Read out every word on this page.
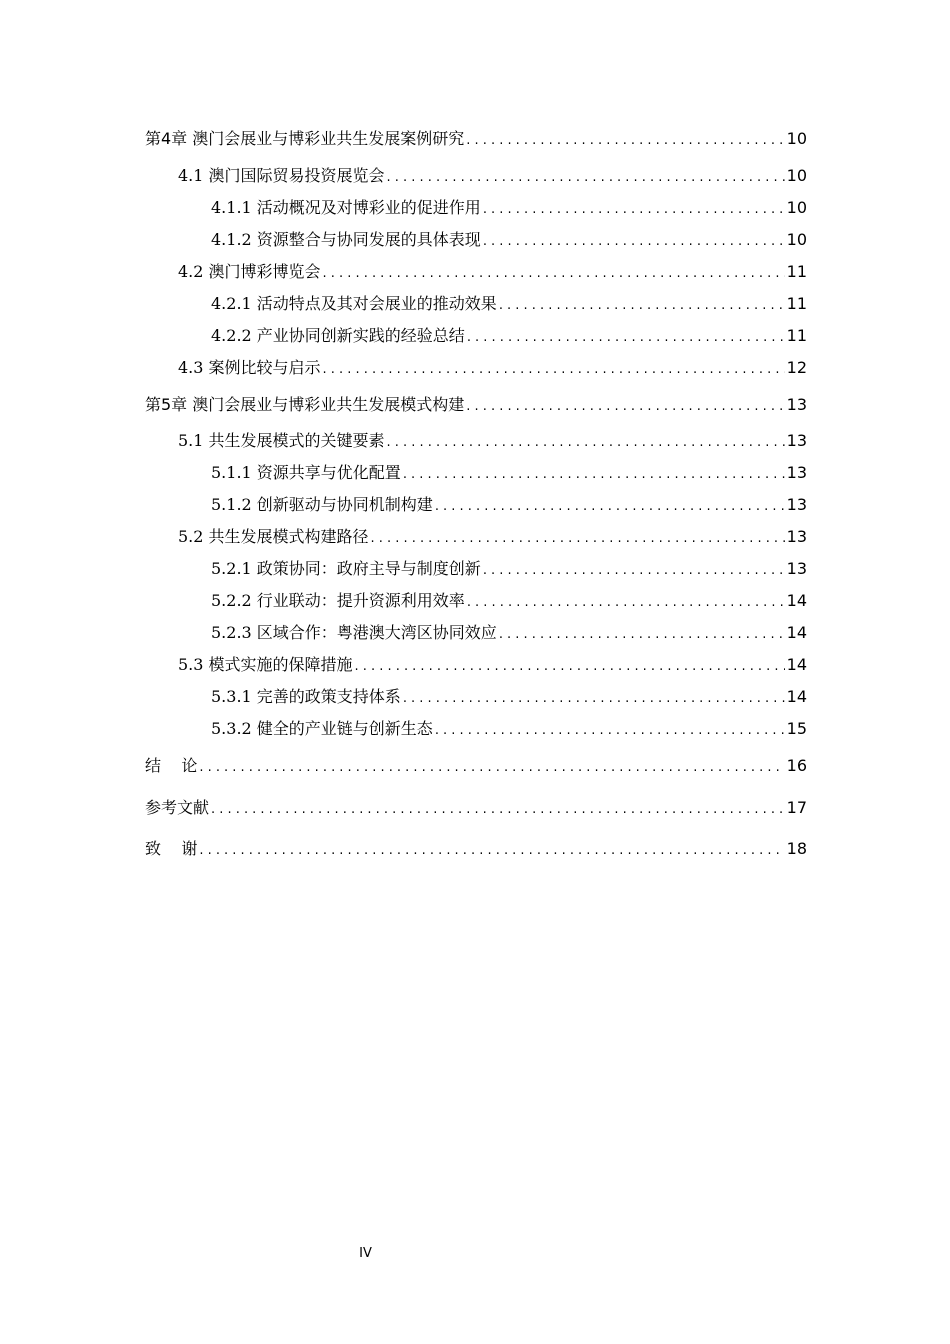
第4章 澳门会展业与博彩业共生发展案例研究 .....	10
4.1 澳门国际贸易投资展览会 .....	10
4.1.1 活动概况及对博彩业的促进作用 .....	10
4.1.2 资源整合与协同发展的具体表现 .....	10
4.2 澳门博彩博览会 .....	11
4.2.1 活动特点及其对会展业的推动效果 .....	11
4.2.2 产业协同创新实践的经验总结 .....	11
4.3 案例比较与启示 .....	12
第5章 澳门会展业与博彩业共生发展模式构建 .....	13
5.1 共生发展模式的关键要素 .....	13
5.1.1 资源共享与优化配置 .....	13
5.1.2 创新驱动与协同机制构建 .....	13
5.2 共生发展模式构建路径 .....	13
5.2.1 政策协同：政府主导与制度创新 .....	13
5.2.2 行业联动：提升资源利用效率 .....	14
5.2.3 区域合作：粤港澳大湾区协同效应 .....	14
5.3 模式实施的保障措施 .....	14
5.3.1 完善的政策支持体系 .....	14
5.3.2 健全的产业链与创新生态 .....	15
结    论 .....	16
参考文献 .....	17
致    谢 .....	18
IV
